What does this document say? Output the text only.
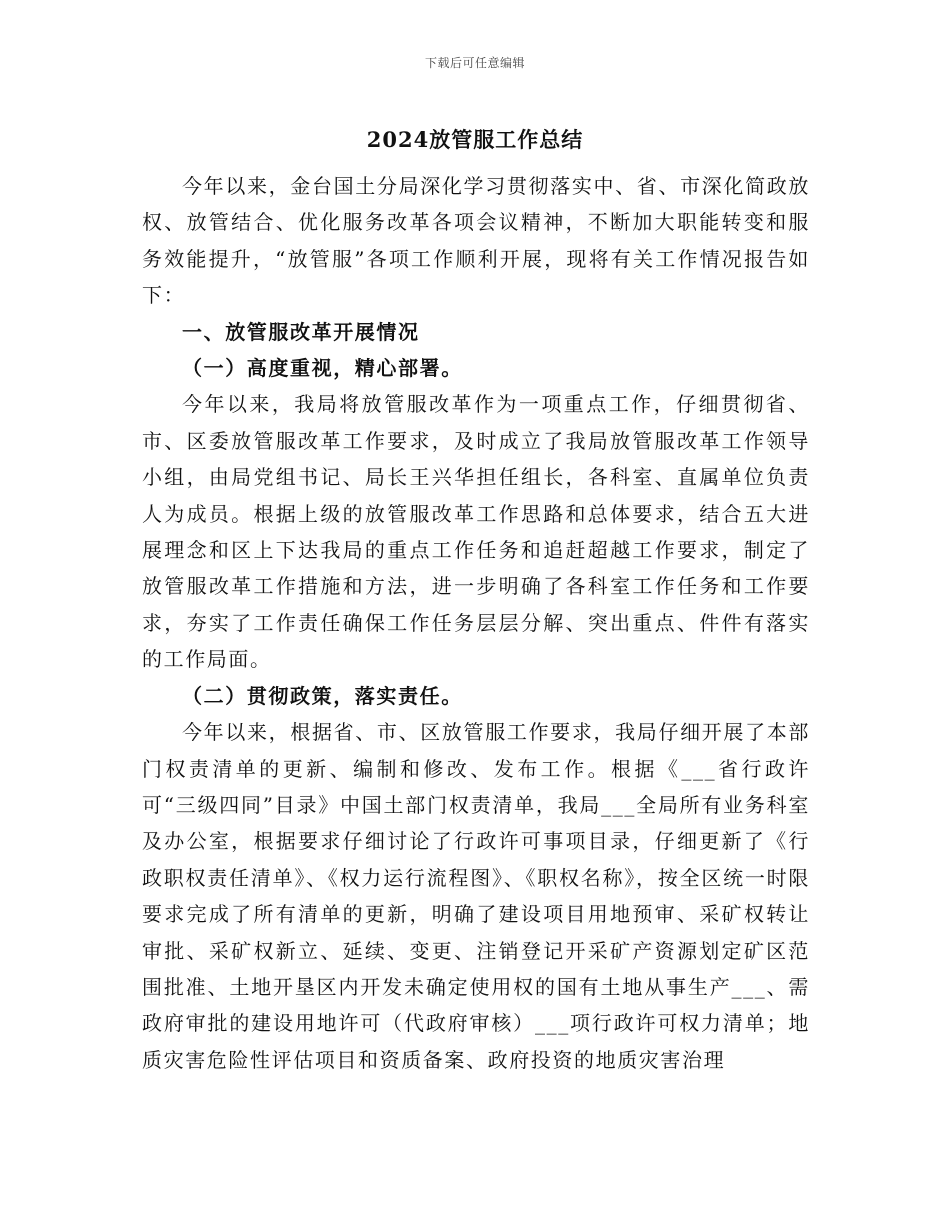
下载后可任意编辑
2024放管服工作总结

今年以来，金台国土分局深化学习贯彻落实中、省、市深化简政放权、放管结合、优化服务改革各项会议精神，不断加大职能转变和服务效能提升，“放管服”各项工作顺利开展，现将有关工作情况报告如下：

一、放管服改革开展情况

（一）高度重视，精心部署。

今年以来，我局将放管服改革作为一项重点工作，仔细贯彻省、市、区委放管服改革工作要求，及时成立了我局放管服改革工作领导小组，由局党组书记、局长王兴华担任组长，各科室、直属单位负责人为成员。根据上级的放管服改革工作思路和总体要求，结合五大进展理念和区上下达我局的重点工作任务和追赶超越工作要求，制定了放管服改革工作措施和方法，进一步明确了各科室工作任务和工作要求，夯实了工作责任确保工作任务层层分解、突出重点、件件有落实的工作局面。

（二）贯彻政策，落实责任。

今年以来，根据省、市、区放管服工作要求，我局仔细开展了本部门权责清单的更新、编制和修改、发布工作。根据《___省行政许可“三级四同”目录》中国土部门权责清单，我局___全局所有业务科室及办公室，根据要求仔细讨论了行政许可事项目录，仔细更新了《行政职权责任清单》、《权力运行流程图》、《职权名称》，按全区统一时限要求完成了所有清单的更新，明确了建设项目用地预审、采矿权转让审批、采矿权新立、延续、变更、注销登记开采矿产资源划定矿区范围批准、土地开垦区内开发未确定使用权的国有土地从事生产___、需政府审批的建设用地许可（代政府审核）___项行政许可权力清单；地质灾害危险性评估项目和资质备案、政府投资的地质灾害治理
